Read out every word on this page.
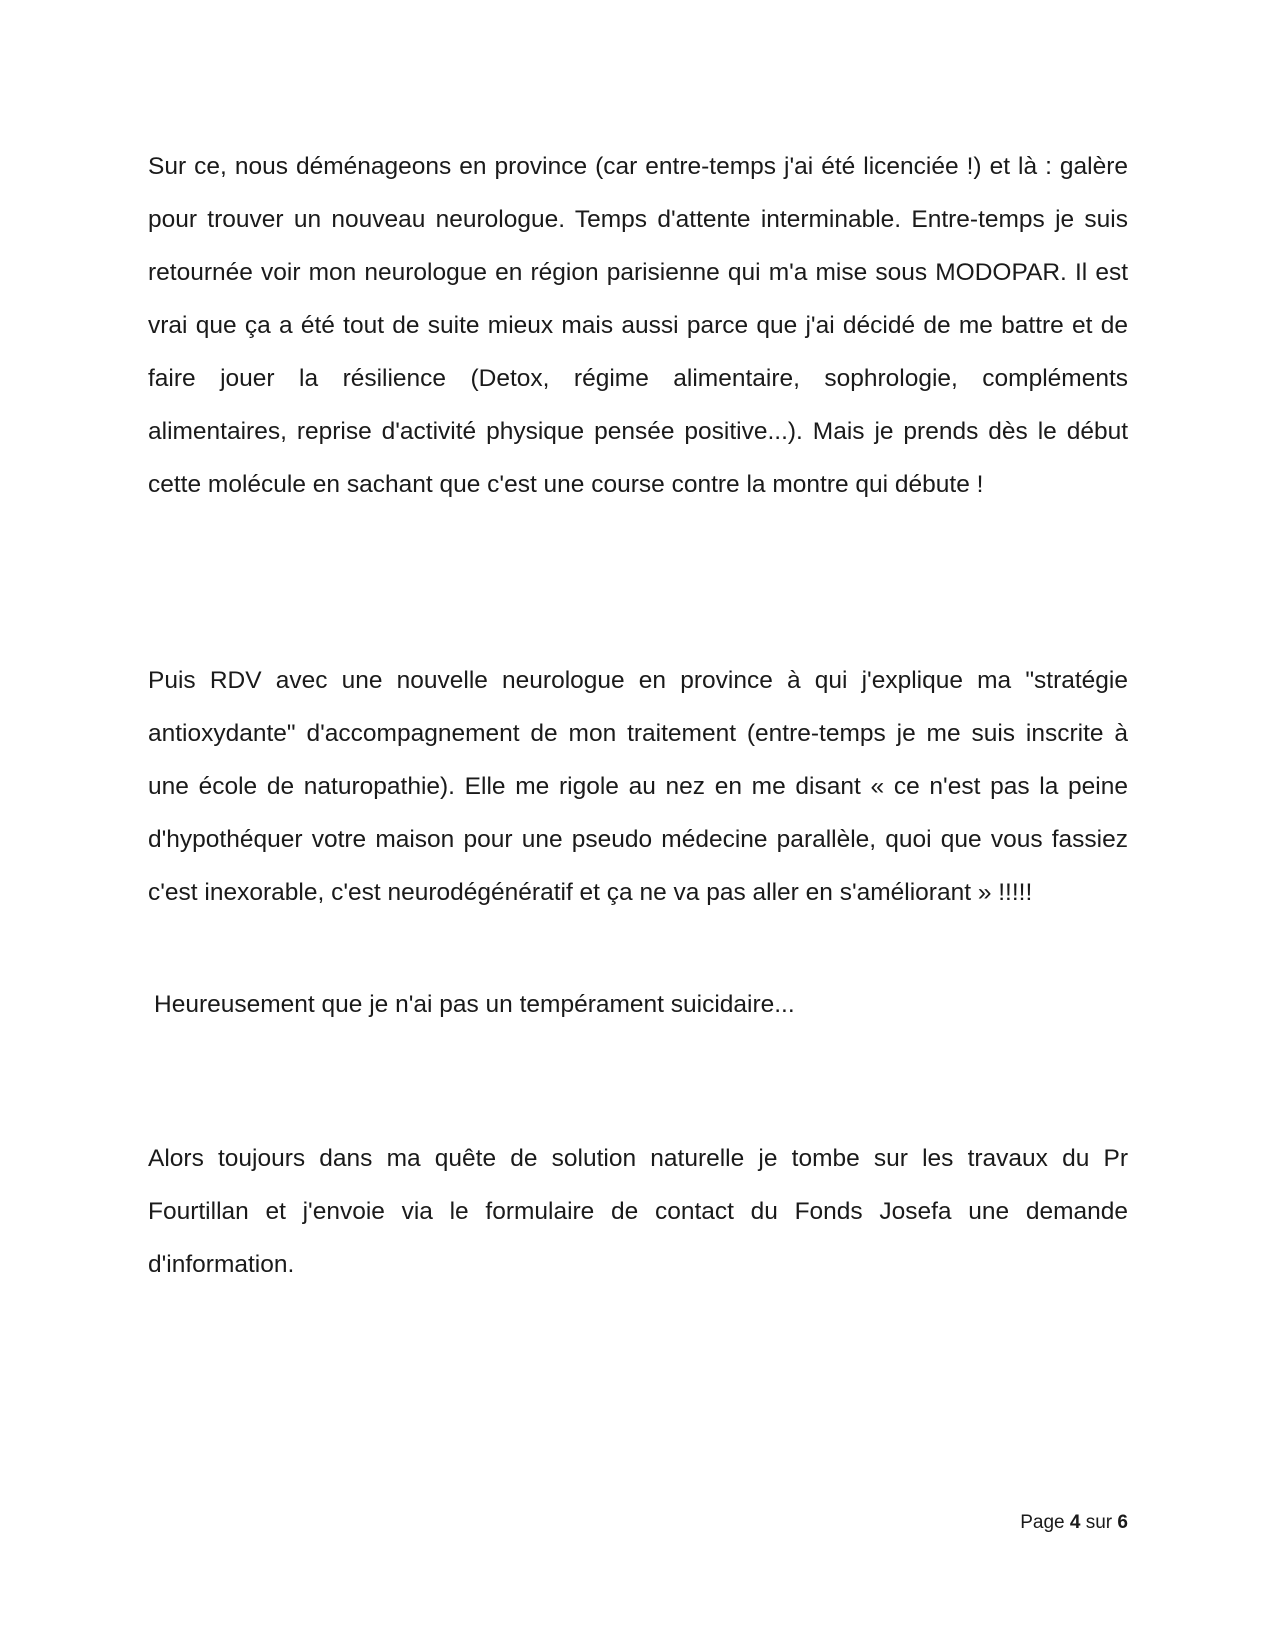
Sur ce, nous déménageons en province (car entre-temps j'ai été licenciée !) et là : galère pour trouver un nouveau neurologue. Temps d'attente interminable. Entre-temps je suis retournée voir mon neurologue en région parisienne qui m'a mise sous MODOPAR. Il est vrai que ça a été tout de suite mieux mais aussi parce que j'ai décidé de me battre et de faire jouer la résilience (Detox, régime alimentaire, sophrologie, compléments alimentaires, reprise d'activité physique pensée positive...). Mais je prends dès le début cette molécule en sachant que c'est une course contre la montre qui débute !

Puis RDV avec une nouvelle neurologue en province à qui j'explique ma "stratégie antioxydante" d'accompagnement de mon traitement (entre-temps je me suis inscrite à une école de naturopathie). Elle me rigole au nez en me disant « ce n'est pas la peine d'hypothéquer votre maison pour une pseudo médecine parallèle, quoi que vous fassiez c'est inexorable, c'est neurodégénératif et ça ne va pas aller en s'améliorant » !!!!!

Heureusement que je n'ai pas un tempérament suicidaire...

Alors toujours dans ma quête de solution naturelle je tombe sur les travaux du Pr Fourtillan et j'envoie via le formulaire de contact du Fonds Josefa une demande d'information.

Page 4 sur 6
